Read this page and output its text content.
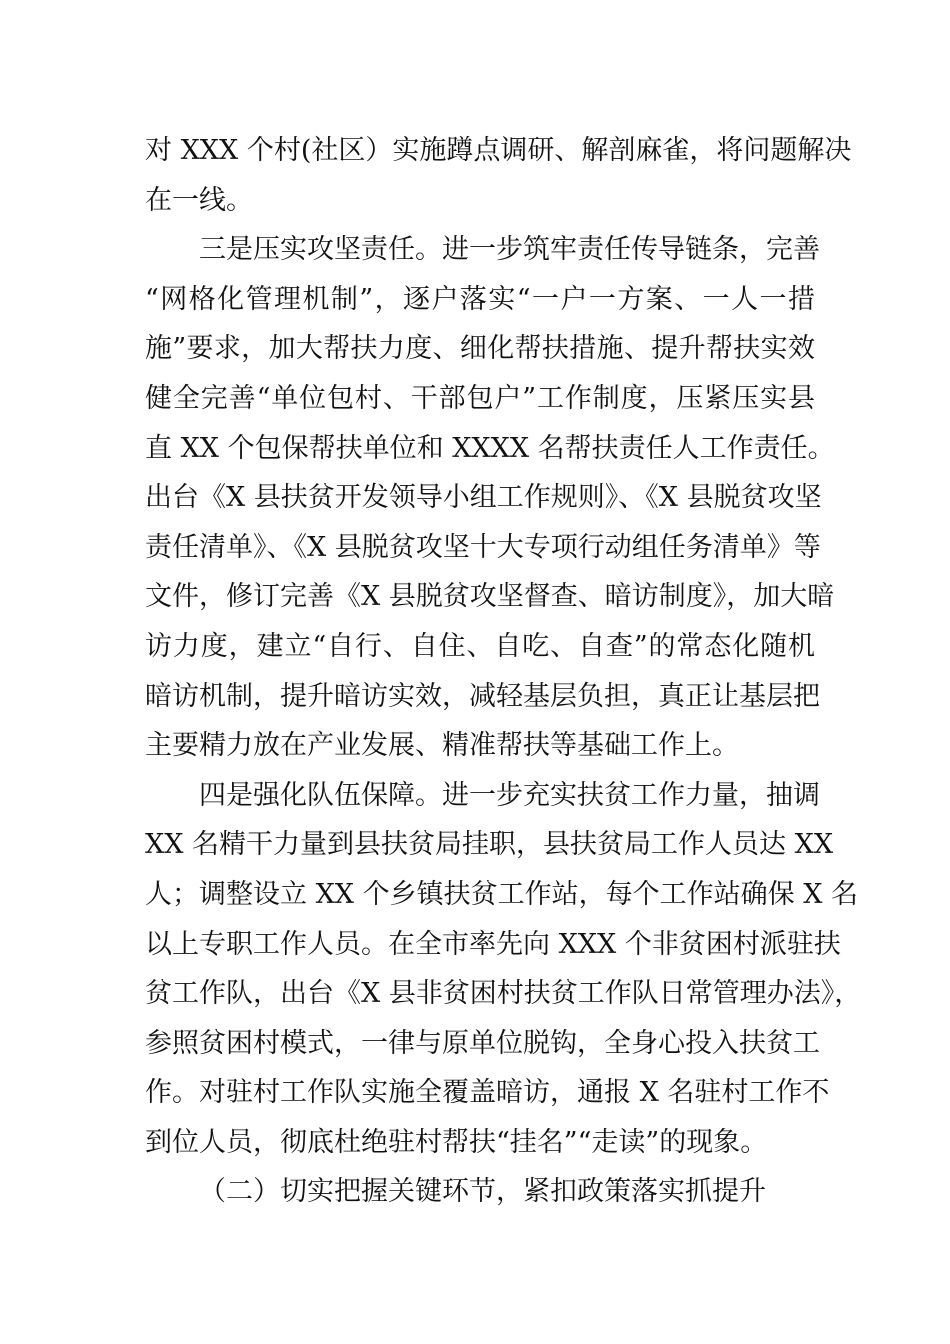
对 XXX 个村(社区）实施蹲点调研、解剖麻雀，将问题解决
在一线。
三是压实攻坚责任。进一步筑牢责任传导链条，完善
“网格化管理机制”，逐户落实“一户一方案、一人一措
施”要求，加大帮扶力度、细化帮扶措施、提升帮扶实效
健全完善“单位包村、干部包户”工作制度，压紧压实县
直 XX 个包保帮扶单位和 XXXX 名帮扶责任人工作责任。
出台《X 县扶贫开发领导小组工作规则》、《X 县脱贫攻坚
责任清单》、《X 县脱贫攻坚十大专项行动组任务清单》等
文件，修订完善《X 县脱贫攻坚督查、暗访制度》，加大暗
访力度，建立“自行、自住、自吃、自查”的常态化随机
暗访机制，提升暗访实效，减轻基层负担，真正让基层把
主要精力放在产业发展、精准帮扶等基础工作上。
四是强化队伍保障。进一步充实扶贫工作力量，抽调
XX 名精干力量到县扶贫局挂职，县扶贫局工作人员达 XX
人；调整设立 XX 个乡镇扶贫工作站，每个工作站确保 X 名
以上专职工作人员。在全市率先向 XXX 个非贫困村派驻扶
贫工作队，出台《X 县非贫困村扶贫工作队日常管理办法》，
参照贫困村模式，一律与原单位脱钩，全身心投入扶贫工
作。对驻村工作队实施全覆盖暗访，通报 X 名驻村工作不
到位人员，彻底杜绝驻村帮扶“挂名”“走读”的现象。
（二）切实把握关键环节，紧扣政策落实抓提升
